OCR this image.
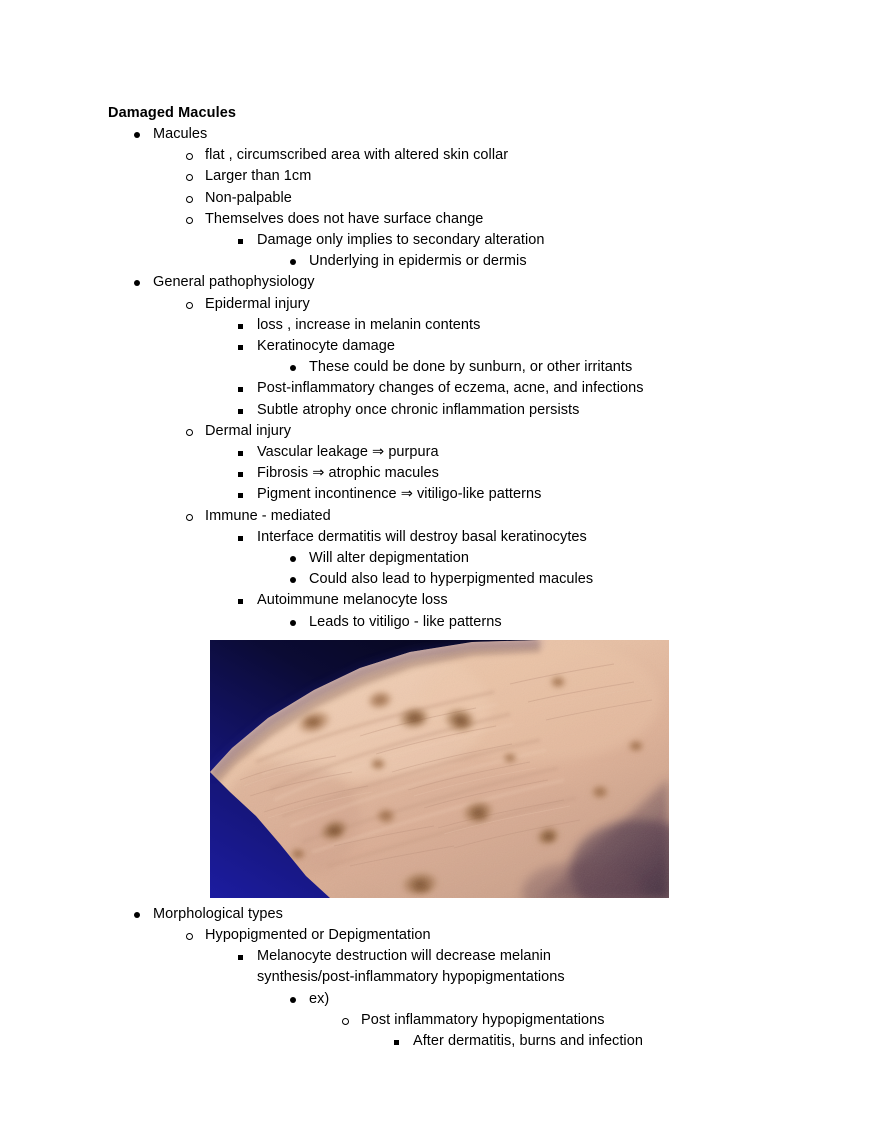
Damaged Macules
Macules
flat , circumscribed area with altered skin collar
Larger than 1cm
Non-palpable
Themselves does not have surface change
Damage only implies to secondary alteration
Underlying in epidermis or dermis
General pathophysiology
Epidermal injury
loss , increase in melanin contents
Keratinocyte damage
These could be done by sunburn, or other irritants
Post-inflammatory changes of eczema, acne, and infections
Subtle atrophy once chronic inflammation persists
Dermal injury
Vascular leakage ⇒ purpura
Fibrosis ⇒ atrophic macules
Pigment incontinence ⇒ vitiligo-like patterns
Immune - mediated
Interface dermatitis will destroy basal keratinocytes
Will alter depigmentation
Could also lead to hyperpigmented macules
Autoimmune melanocyte loss
Leads to vitiligo - like patterns
Morphological types
Hypopigmented or Depigmentation
Melanocyte destruction will decrease melanin synthesis/post-inflammatory hypopigmentations
ex)
Post inflammatory hypopigmentations
After dermatitis, burns and infection
